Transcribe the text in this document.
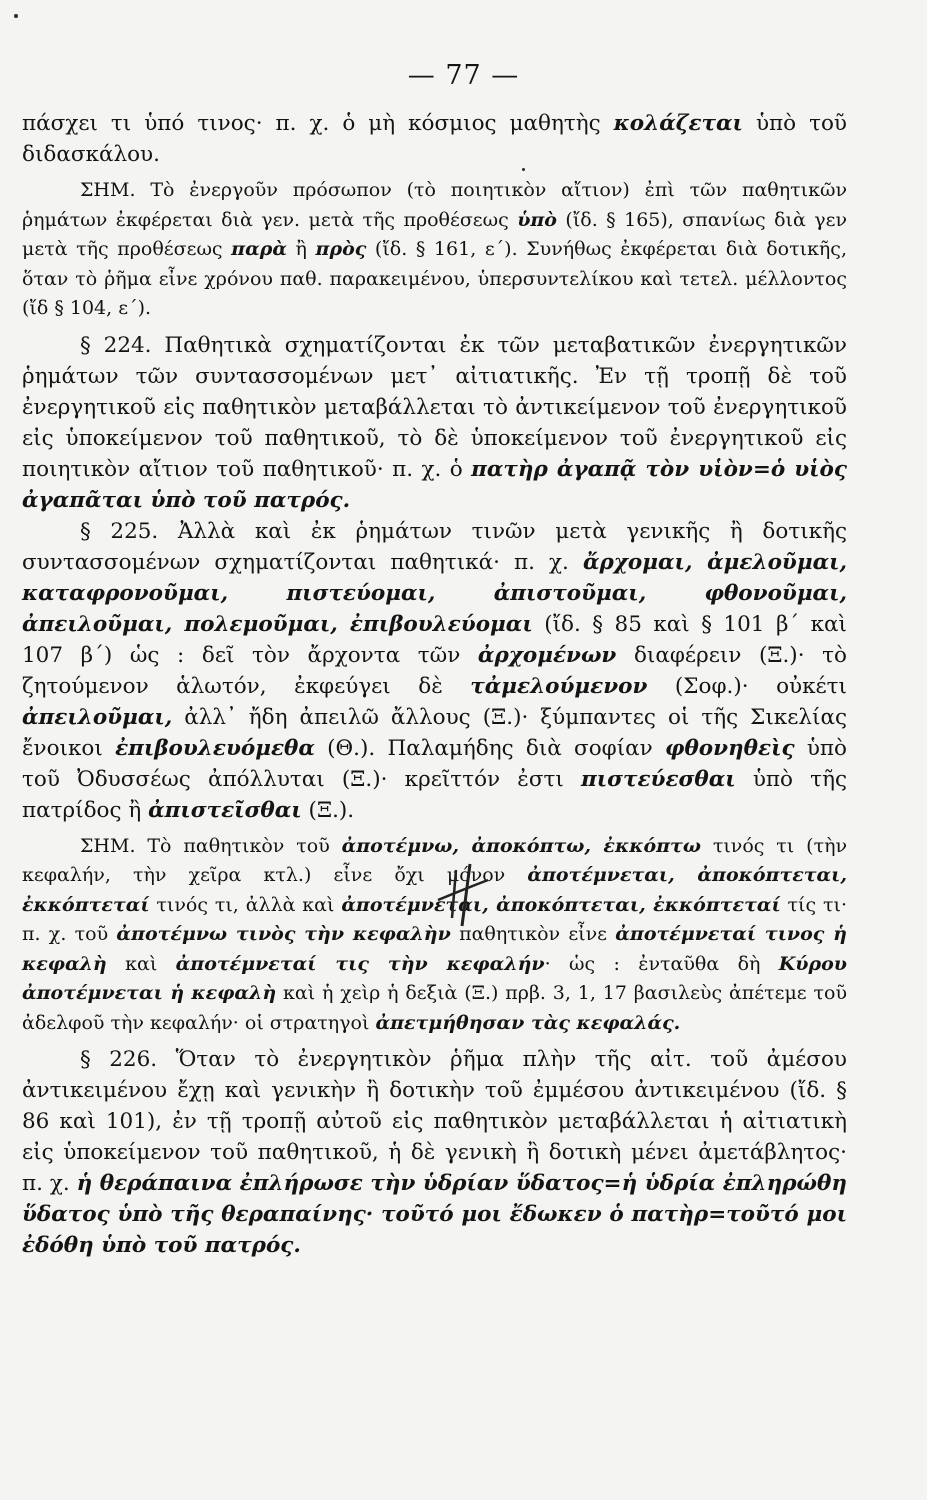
— 77 —

πάσχει τι ὑπό τινος· π. χ. ὁ μὴ κόσμιος μαθητὴς κολάζεται ὑπὸ τοῦ διδασκάλου.

ΣΗΜ. Τὸ ἐνεργοῦν πρόσωπον (τὸ ποιητικὸν αἴτιον) ἐπὶ τῶν παθητικῶν ῥημάτων ἐκφέρεται διὰ γεν. μετὰ τῆς προθέσεως ὑπὸ (ἴδ. § 165), σπανίως διὰ γεν μετὰ τῆς προθέσεως παρὰ ἢ πρὸς (ἴδ. § 161, ε΄). Συνήθως ἐκφέρεται διὰ δοτικῆς, ὅταν τὸ ῥῆμα εἶνε χρόνου παθ. παρακειμένου, ὑπερσυντελίκου καὶ τετελ. μέλλοντος (ἴδ § 104, ε΄).

§ 224. Παθητικὰ σχηματίζονται ἐκ τῶν μεταβατικῶν ἐνεργητικῶν ῥημάτων τῶν συντασσομένων μετ᾽ αἰτιατικῆς. Ἐν τῇ τροπῇ δὲ τοῦ ἐνεργητικοῦ εἰς παθητικὸν μεταβάλλεται τὸ ἀντικείμενον τοῦ ἐνεργητικοῦ εἰς ὑποκείμενον τοῦ παθητικοῦ, τὸ δὲ ὑποκείμενον τοῦ ἐνεργητικοῦ εἰς ποιητικὸν αἴτιον τοῦ παθητικοῦ· π. χ. ὁ πατὴρ ἀγαπᾷ τὸν υἱὸν=ὁ υἱὸς ἀγαπᾶται ὑπὸ τοῦ πατρός.

§ 225. Ἀλλὰ καὶ ἐκ ῥημάτων τινῶν μετὰ γενικῆς ἢ δοτικῆς συντασσομένων σχηματίζονται παθητικά· π. χ. ἄρχομαι, ἀμελοῦμαι, καταφρονοῦμαι, πιστεύομαι, ἀπιστοῦμαι, φθονοῦμαι, ἀπειλοῦμαι, πολεμοῦμαι, ἐπιβουλεύομαι (ἴδ. § 85 καὶ § 101 β΄ καὶ 107 β΄) ὡς : δεῖ τὸν ἄρχοντα τῶν ἀρχομένων διαφέρειν (Ξ.)· τὸ ζητούμενον ἁλωτόν, ἐκφεύγει δὲ τἀμελούμενον (Σοφ.)· οὐκέτι ἀπειλοῦμαι, ἀλλ᾽ ἤδη ἀπειλῶ ἄλλους (Ξ.)· ξύμπαντες οἱ τῆς Σικελίας ἔνοικοι ἐπιβουλευόμεθα (Θ.). Παλαμήδης διὰ σοφίαν φθονηθεὶς ὑπὸ τοῦ Ὀδυσσέως ἀπόλλυται (Ξ.)· κρεῖττόν ἐστι πιστεύεσθαι ὑπὸ τῆς πατρίδος ἢ ἀπιστεῖσθαι (Ξ.).

ΣΗΜ. Τὸ παθητικὸν τοῦ ἀποτέμνω, ἀποκόπτω, ἐκκόπτω τινός τι (τὴν κεφαλήν, τὴν χεῖρα κτλ.) εἶνε ὄχι μόνον ἀποτέμνεται, ἀποκόπτεται, ἐκκόπτεταί τινός τι, ἀλλὰ καὶ ἀποτέμνεται, ἀποκόπτεται, ἐκκόπτεταί τίς τι· π. χ. τοῦ ἀποτέμνω τινὸς τὴν κεφαλὴν παθητικὸν εἶνε ἀποτέμνεταί τινος ἡ κεφαλὴ καὶ ἀποτέμνεταί τις τὴν κεφαλήν· ὡς : ἐνταῦθα δὴ Κύρου ἀποτέμνεται ἡ κεφαλὴ καὶ ἡ χεὶρ ἡ δεξιὰ (Ξ.) πρβ. 3, 1, 17 βασιλεὺς ἀπέτεμε τοῦ ἀδελφοῦ τὴν κεφαλήν· οἱ στρατηγοὶ ἀπετμήθησαν τὰς κεφαλάς.

§ 226. Ὅταν τὸ ἐνεργητικὸν ῥῆμα πλὴν τῆς αἰτ. τοῦ ἀμέσου ἀντικειμένου ἔχῃ καὶ γενικὴν ἢ δοτικὴν τοῦ ἐμμέσου ἀντικειμένου (ἴδ. § 86 καὶ 101), ἐν τῇ τροπῇ αὐτοῦ εἰς παθητικὸν μεταβάλλεται ἡ αἰτιατικὴ εἰς ὑποκείμενον τοῦ παθητικοῦ, ἡ δὲ γενικὴ ἢ δοτικὴ μένει ἀμετάβλητος· π. χ. ἡ θεράπαινα ἐπλήρωσε τὴν ὑδρίαν ὕδατος=ἡ ὑδρία ἐπληρώθη ὕδατος ὑπὸ τῆς θεραπαίνης· τοῦτό μοι ἔδωκεν ὁ πατὴρ=τοῦτό μοι ἐδόθη ὑπὸ τοῦ πατρός.
